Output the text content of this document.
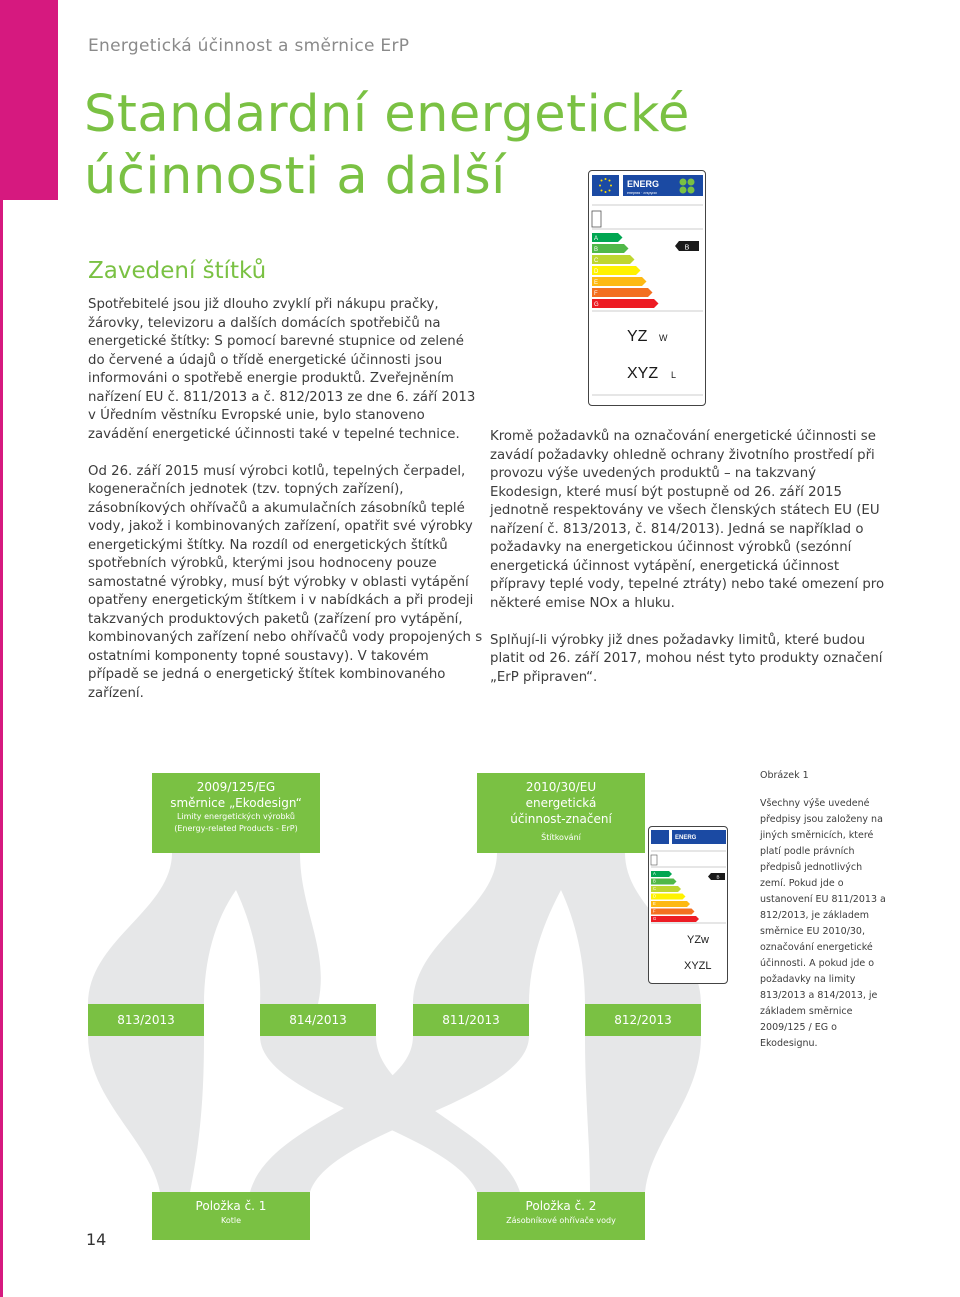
Informace zásobníkové ohřívače pitné vody / akumulační zásobníky Energetická účinnost a směrnice ErP
Standardní energetické
účinnosti a další
Zavedení štítků

Spotřebitelé jsou již dlouho zvyklí při nákupu pračky, žárovky, televizoru a dalších domácích spotřebičů na energetické štítky: S pomocí barevné stupnice od zelené do červené a údajů o třídě energetické účinnosti jsou informováni o spotřebě energie produktů. Zveřejněním nařízení EU č. 811/2013 a č. 812/2013 ze dne 6. září 2013 v Úředním věstníku Evropské unie, bylo stanoveno zavádění energetické účinnosti také v tepelné technice.

Od 26. září 2015 musí výrobci kotlů, tepelných čerpadel, kogeneračních jednotek (tzv. topných zařízení), zásobníkových ohřívačů a akumulačních zásobníků teplé vody, jakož i kombinovaných zařízení, opatřit své výrobky energetickými štítky. Na rozdíl od energetických štítků spotřebních výrobků, kterými jsou hodnoceny pouze samostatné výrobky, musí být výrobky v oblasti vytápění opatřeny energetickým štítkem i v nabídkách a při prodeji takzvaných produktových paketů (zařízení pro vytápění, kombinovaných zařízení nebo ohřívačů vody propojených s ostatními komponenty topné soustavy). V takovém případě se jedná o energetický štítek kombinovaného zařízení.

Kromě požadavků na označování energetické účinnosti se zavádí požadavky ohledně ochrany životního prostředí při provozu výše uvedených produktů – na takzvaný Ekodesign, které musí být postupně od 26. září 2015 jednotně respektovány ve všech členských státech EU (EU nařízení č. 813/2013, č. 814/2013). Jedná se například o požadavky na energetickou účinnost výrobků (sezónní energetická účinnost vytápění, energetická účinnost přípravy teplé vody, tepelné ztráty) nebo také omezení pro některé emise NOx a hluku.

Splňují-li výrobky již dnes požadavky limitů, které budou platit od 26. září 2017, mohou nést tyto produkty označení „ErP připraven“.

ENERG
енергия · ενεργεια
A
B
C
D
E
F
G
B
YZ W
XYZ L
2009/125/EG
směrnice „Ekodesign“
Limity energetických výrobků
(Energy-related Products - ErP)
2010/30/EU
energetická
účinnost-značení
Štítkování
813/2013	814/2013	811/2013	812/2013
Položka č. 1
Kotle
Položka č. 2
Zásobníkové ohřívače vody
ENERG
A
B
C
D
E
F
G
B
YZw
XYZL
Obrázek 1
Všechny výše uvedené předpisy jsou založeny na jiných směrnicích, které platí podle právních předpisů jednotlivých zemí. Pokud jde o ustanovení EU 811/2013 a 812/2013, je základem směrnice EU 2010/30, označování energetické účinnosti. A pokud jde o požadavky na limity 813/2013 a 814/2013, je základem směrnice 2009/125 / EG o Ekodesignu.
14
